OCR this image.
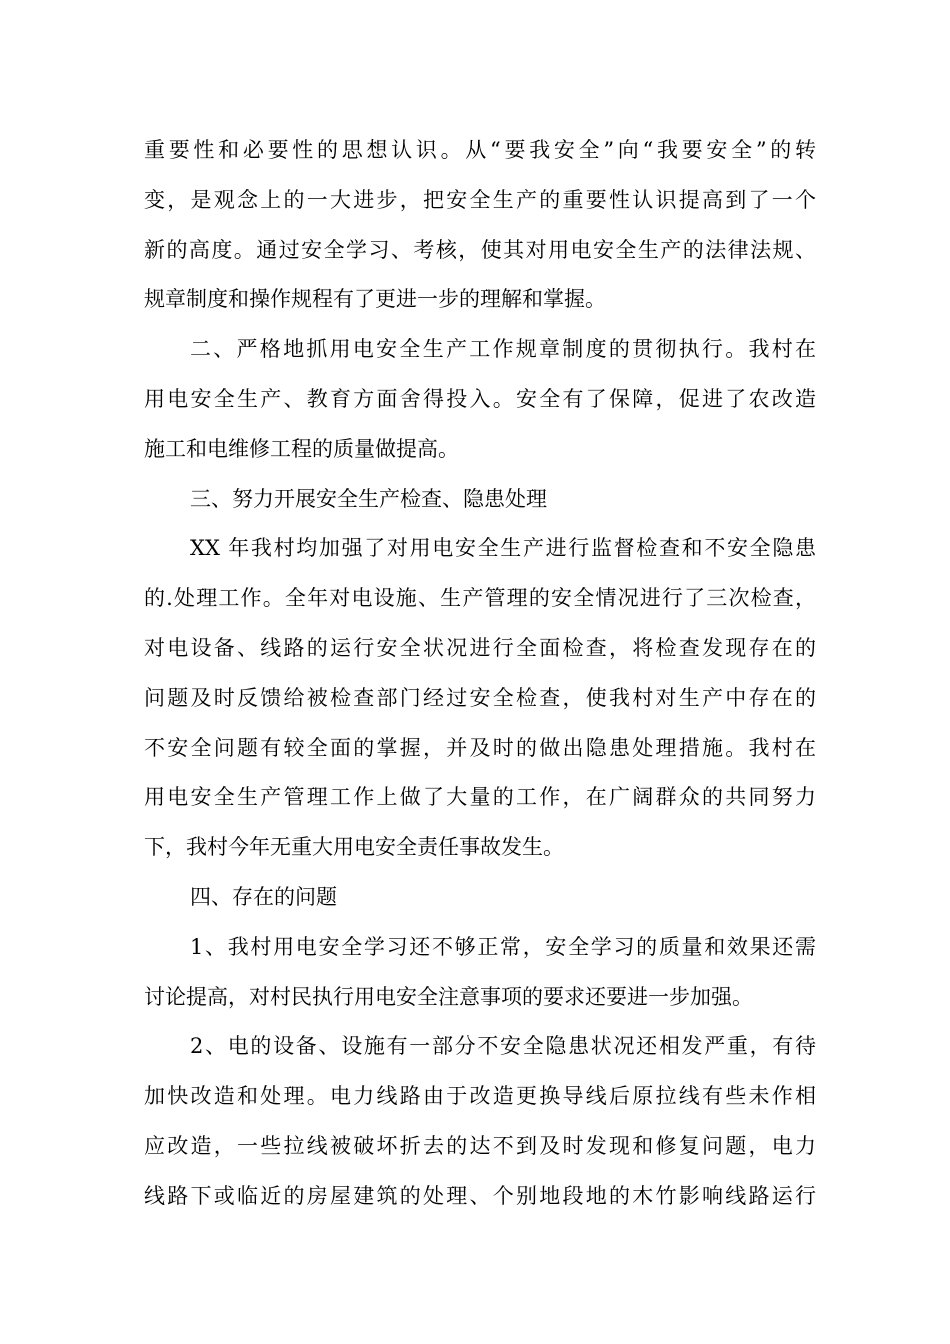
重要性和必要性的思想认识。从“要我安全”向“我要安全”的转
变，是观念上的一大进步，把安全生产的重要性认识提高到了一个
新的高度。通过安全学习、考核，使其对用电安全生产的法律法规、
规章制度和操作规程有了更进一步的理解和掌握。
二、严格地抓用电安全生产工作规章制度的贯彻执行。我村在
用电安全生产、教育方面舍得投入。安全有了保障，促进了农改造
施工和电维修工程的质量做提高。
三、努力开展安全生产检查、隐患处理
XX 年我村均加强了对用电安全生产进行监督检查和不安全隐患
的.处理工作。全年对电设施、生产管理的安全情况进行了三次检查，
对电设备、线路的运行安全状况进行全面检查，将检查发现存在的
问题及时反馈给被检查部门经过安全检查，使我村对生产中存在的
不安全问题有较全面的掌握，并及时的做出隐患处理措施。我村在
用电安全生产管理工作上做了大量的工作，在广阔群众的共同努力
下，我村今年无重大用电安全责任事故发生。
四、存在的问题
1、我村用电安全学习还不够正常，安全学习的质量和效果还需
讨论提高，对村民执行用电安全注意事项的要求还要进一步加强。
2、电的设备、设施有一部分不安全隐患状况还相发严重，有待
加快改造和处理。电力线路由于改造更换导线后原拉线有些未作相
应改造，一些拉线被破坏折去的达不到及时发现和修复问题，电力
线路下或临近的房屋建筑的处理、个别地段地的木竹影响线路运行
